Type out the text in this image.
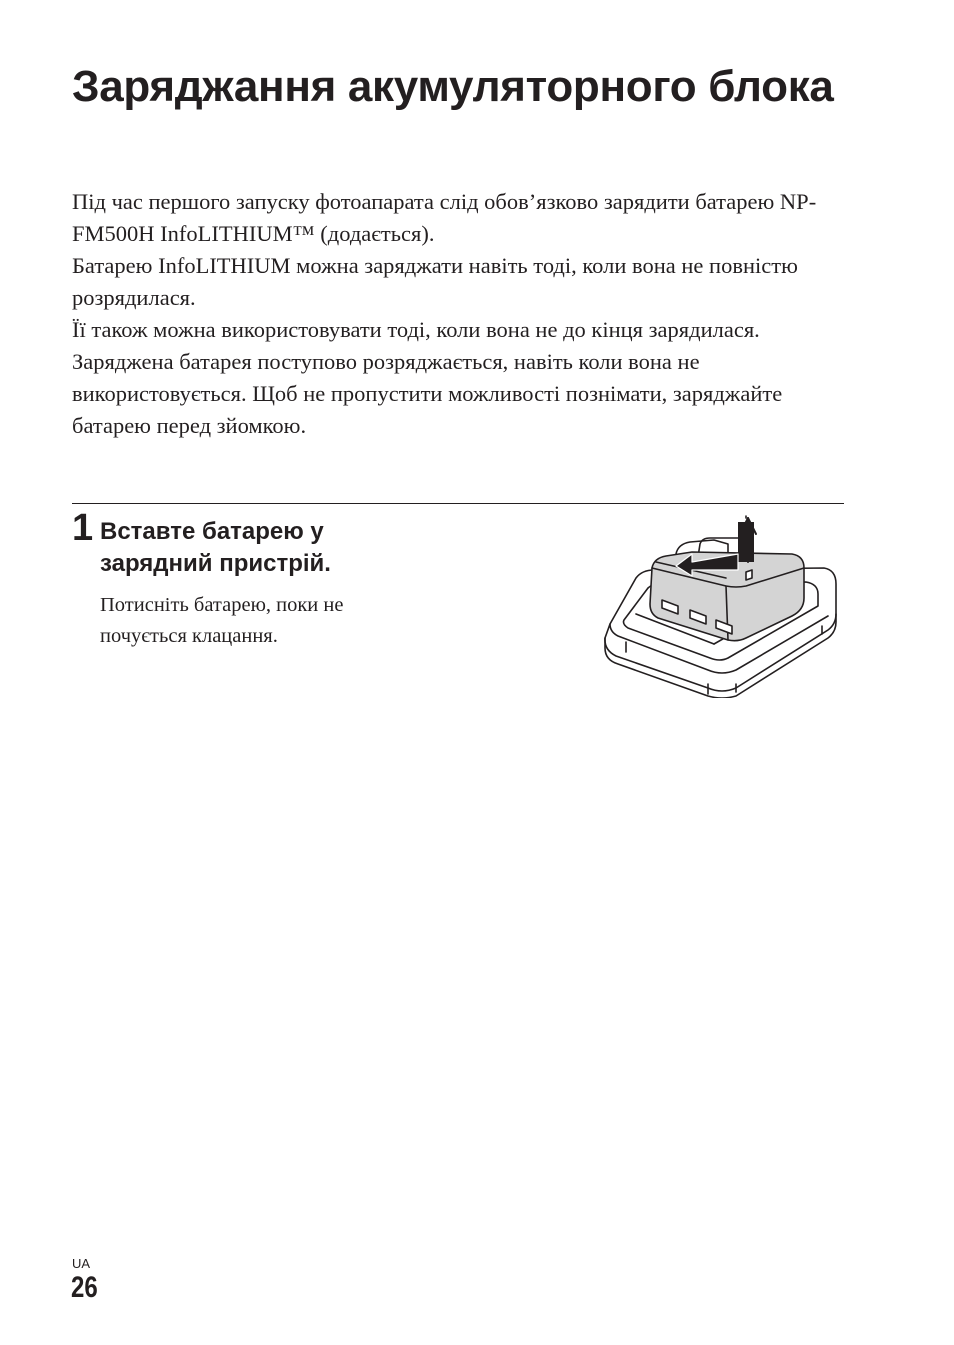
Заряджання акумуляторного блока

Під час першого запуску фотоапарата слід обов’язково зарядити батарею NP-FM500H InfoLITHIUM™ (додається).

Батарею InfoLITHIUM можна заряджати навіть тоді, коли вона не повністю розрядилася.

Її також можна використовувати тоді, коли вона не до кінця зарядилася.

Заряджена батарея поступово розряджається, навіть коли вона не використовується. Щоб не пропустити можливості познімати, заряджайте батарею перед зйомкою.

1 Вставте батарею у зарядний пристрій.

Потисніть батарею, поки не почується клацання.

UA
26
